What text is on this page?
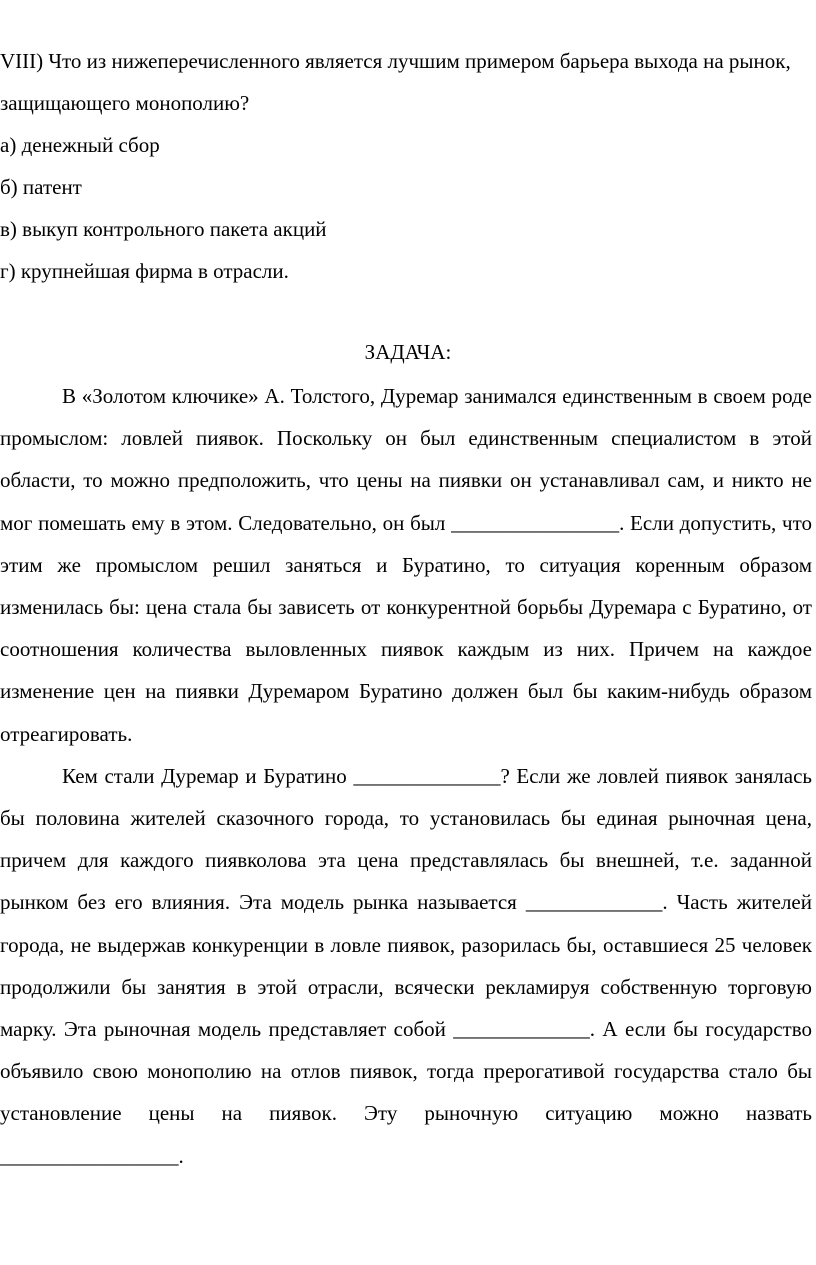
VIII) Что из нижеперечисленного является лучшим примером барьера выхода на рынок, защищающего монополию?

а) денежный сбор

б) патент

в) выкуп контрольного пакета акций

г) крупнейшая фирма в отрасли.

ЗАДАЧА:

В «Золотом ключике» А. Толстого, Дуремар занимался единственным в своем роде промыслом: ловлей пиявок. Поскольку он был единственным специалистом в этой области, то можно предположить, что цены на пиявки он устанавливал сам, и никто не мог помешать ему в этом. Следовательно, он был ________________. Если допустить, что этим же промыслом решил заняться и Буратино, то ситуация коренным образом изменилась бы: цена стала бы зависеть от конкурентной борьбы Дуремара с Буратино, от соотношения количества выловленных пиявок каждым из них. Причем на каждое изменение цен на пиявки Дуремаром Буратино должен был бы каким-нибудь образом отреагировать.

Кем стали Дуремар и Буратино ______________? Если же ловлей пиявок занялась бы половина жителей сказочного города, то установилась бы единая рыночная цена, причем для каждого пиявколова эта цена представлялась бы внешней, т.е. заданной рынком без его влияния. Эта модель рынка называется _____________. Часть жителей города, не выдержав конкуренции в ловле пиявок, разорилась бы, оставшиеся 25 человек продолжили бы занятия в этой отрасли, всячески рекламируя собственную торговую марку. Эта рыночная модель представляет собой _____________. А если бы государство объявило свою монополию на отлов пиявок, тогда прерогативой государства стало бы установление цены на пиявок. Эту рыночную ситуацию можно назвать _________________.
